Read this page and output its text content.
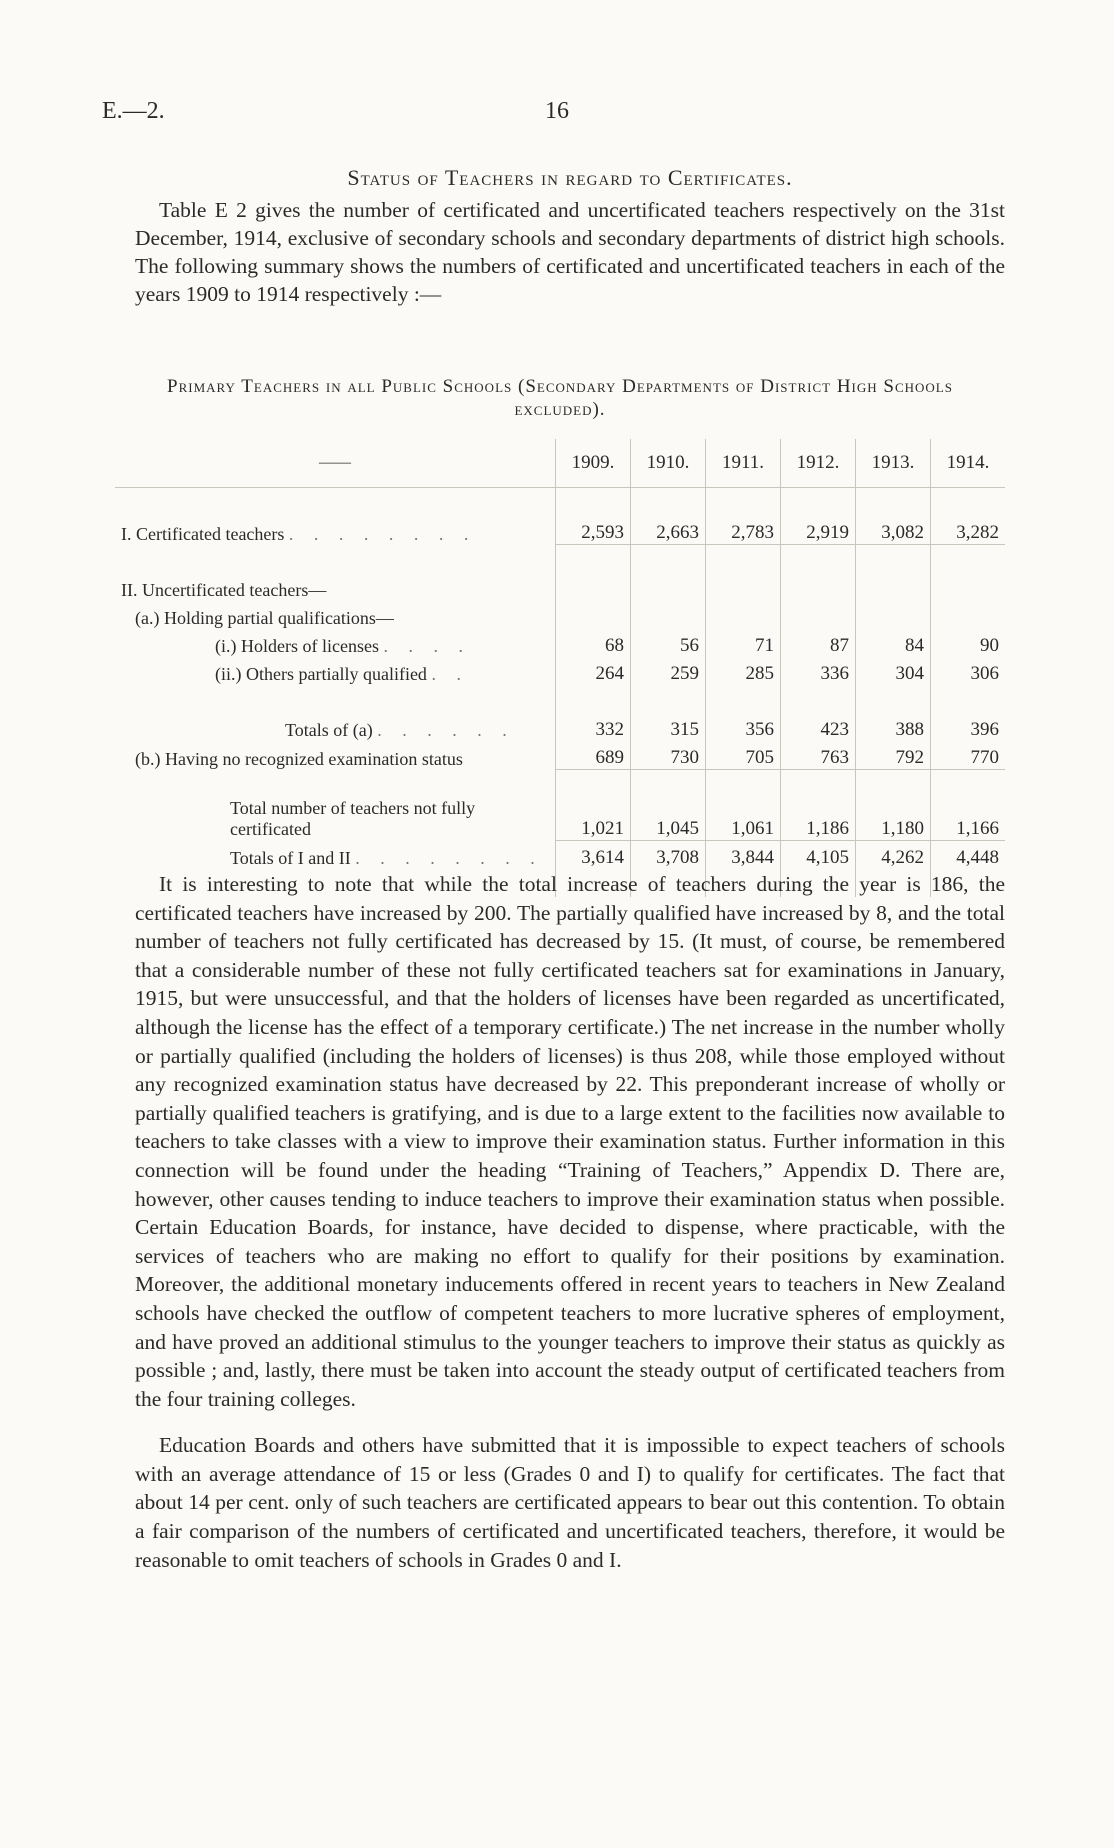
E.—2.	16
Status of Teachers in regard to Certificates.
Table E 2 gives the number of certificated and uncertificated teachers respectively on the 31st December, 1914, exclusive of secondary schools and secondary departments of district high schools. The following summary shows the numbers of certificated and uncertificated teachers in each of the years 1909 to 1914 respectively :—
Primary Teachers in all Public Schools (Secondary Departments of District High Schools excluded).
——	1909.	1910.	1911.	1912.	1913.	1914.

I. Certificated teachers . . . . . . . .	2,593	2,663	2,783	2,919	3,082	3,282

II. Uncertificated teachers—						
(a.) Holding partial qualifications—						
(i.) Holders of licenses . . . .	68	56	71	87	84	90
(ii.) Others partially qualified . .	264	259	285	336	304	306

Totals of (a) . . . . . .	332	315	356	423	388	396
(b.) Having no recognized examination status	689	730	705	763	792	770

Total number of teachers not fully certificated	1,021	1,045	1,061	1,186	1,180	1,166
Totals of I and II . . . . . . . .	3,614	3,708	3,844	4,105	4,262	4,448

It is interesting to note that while the total increase of teachers during the year is 186, the certificated teachers have increased by 200. The partially qualified have increased by 8, and the total number of teachers not fully certificated has decreased by 15. (It must, of course, be remembered that a considerable number of these not fully certificated teachers sat for examinations in January, 1915, but were unsuccessful, and that the holders of licenses have been regarded as uncertificated, although the license has the effect of a temporary certificate.) The net increase in the number wholly or partially qualified (including the holders of licenses) is thus 208, while those employed without any recognized examination status have decreased by 22. This preponderant increase of wholly or partially qualified teachers is gratifying, and is due to a large extent to the facilities now available to teachers to take classes with a view to improve their examination status. Further information in this connection will be found under the heading “Training of Teachers,” Appendix D. There are, however, other causes tending to induce teachers to improve their examination status when possible. Certain Education Boards, for instance, have decided to dispense, where practicable, with the services of teachers who are making no effort to qualify for their positions by examination. Moreover, the additional monetary inducements offered in recent years to teachers in New Zealand schools have checked the outflow of competent teachers to more lucrative spheres of employment, and have proved an additional stimulus to the younger teachers to improve their status as quickly as possible ; and, lastly, there must be taken into account the steady output of certificated teachers from the four training colleges.
Education Boards and others have submitted that it is impossible to expect teachers of schools with an average attendance of 15 or less (Grades 0 and I) to qualify for certificates. The fact that about 14 per cent. only of such teachers are certificated appears to bear out this contention. To obtain a fair comparison of the numbers of certificated and uncertificated teachers, therefore, it would be reasonable to omit teachers of schools in Grades 0 and I.
